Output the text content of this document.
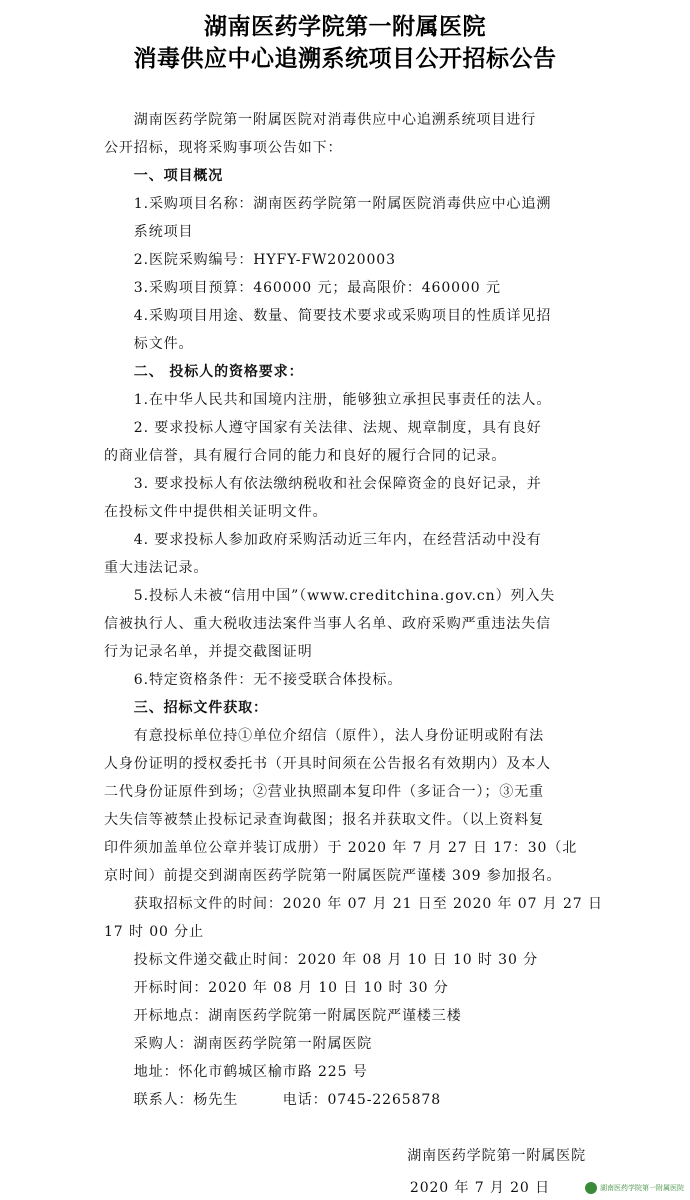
湖南医药学院第一附属医院
消毒供应中心追溯系统项目公开招标公告
　　湖南医药学院第一附属医院对消毒供应中心追溯系统项目进行
公开招标，现将采购事项公告如下：
　　一、项目概况
　　1.采购项目名称：湖南医药学院第一附属医院消毒供应中心追溯
　　系统项目
　　2.医院采购编号：HYFY-FW2020003
　　3.采购项目预算：460000 元；最高限价：460000 元
　　4.采购项目用途、数量、简要技术要求或采购项目的性质详见招
　　标文件。
　　二、 投标人的资格要求：
　　1.在中华人民共和国境内注册，能够独立承担民事责任的法人。
　　2. 要求投标人遵守国家有关法律、法规、规章制度，具有良好
的商业信誉，具有履行合同的能力和良好的履行合同的记录。
　　3. 要求投标人有依法缴纳税收和社会保障资金的良好记录，并
在投标文件中提供相关证明文件。
　　4. 要求投标人参加政府采购活动近三年内，在经营活动中没有
重大违法记录。
　　5.投标人未被“信用中国”（www.creditchina.gov.cn）列入失
信被执行人、重大税收违法案件当事人名单、政府采购严重违法失信
行为记录名单，并提交截图证明
　　6.特定资格条件：无不接受联合体投标。
　　三、招标文件获取：
　　有意投标单位持①单位介绍信（原件），法人身份证明或附有法
人身份证明的授权委托书（开具时间须在公告报名有效期内）及本人
二代身份证原件到场；②营业执照副本复印件（多证合一）；③无重
大失信等被禁止投标记录查询截图；报名并获取文件。（以上资料复
印件须加盖单位公章并装订成册）于 2020 年 7 月 27 日 17：30（北
京时间）前提交到湖南医药学院第一附属医院严谨楼 309 参加报名。
　　获取招标文件的时间：2020 年 07 月 21 日至 2020 年 07 月 27 日
17 时 00 分止
　　投标文件递交截止时间：2020 年 08 月 10 日 10 时 30 分
　　开标时间：2020 年 08 月 10 日 10 时 30 分
　　开标地点：湖南医药学院第一附属医院严谨楼三楼
　　采购人：湖南医药学院第一附属医院
　　地址：怀化市鹤城区榆市路 225 号
　　联系人：杨先生　　　电话：0745-2265878
湖南医药学院第一附属医院
2020 年 7 月 20 日	湖南医药学院第一附属医院
